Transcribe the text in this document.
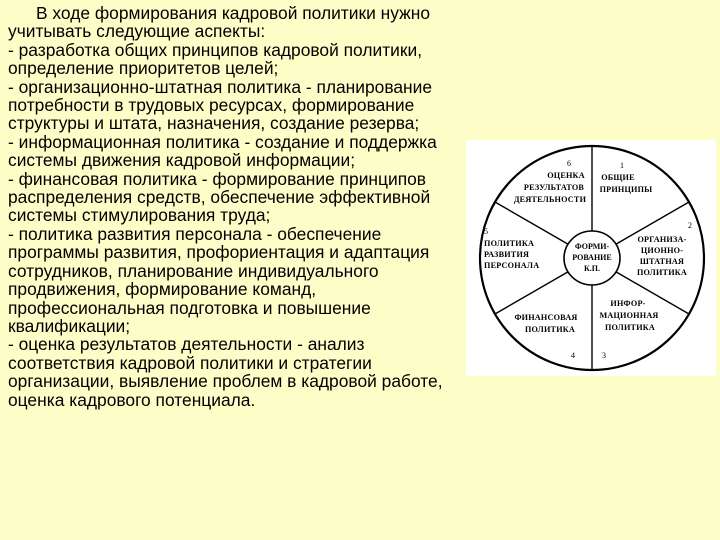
В ходе формирования кадровой политики нужно учитывать следующие аспекты:

- разработка общих принципов кадровой политики, определение приоритетов целей;

- организационно-штатная политика - планирование потребности в трудовых ресурсах, формирование структуры и штата, назначения, создание резерва;

- информационная политика - создание и поддержка системы движения кадровой информации;

- финансовая политика - формирование принципов распределения средств, обеспечение эффективной системы стимулирования труда;

- политика развития персонала - обеспечение программы развития, профориентация и адаптация сотрудников, планирование индивидуального продвижения, формирование команд, профессиональная подготовка и повышение квалификации;

- оценка результатов деятельности - анализ соответствия кадровой политики и стратегии организации, выявление проблем в кадровой работе, оценка кадрового потенциала.

ФОРМИ-
РОВАНИЕ
К.П.
6
ОЦЕНКА
РЕЗУЛЬТАТОВ
ДЕЯТЕЛЬНОСТИ
1
ОБЩИЕ
ПРИНЦИПЫ
2
ОРГАНИЗА-
ЦИОННО-
ШТАТНАЯ
ПОЛИТИКА
3
ИНФОР-
МАЦИОННАЯ
ПОЛИТИКА
4
ФИНАНСОВАЯ
ПОЛИТИКА
5
ПОЛИТИКА
РАЗВИТИЯ
ПЕРСОНАЛА
